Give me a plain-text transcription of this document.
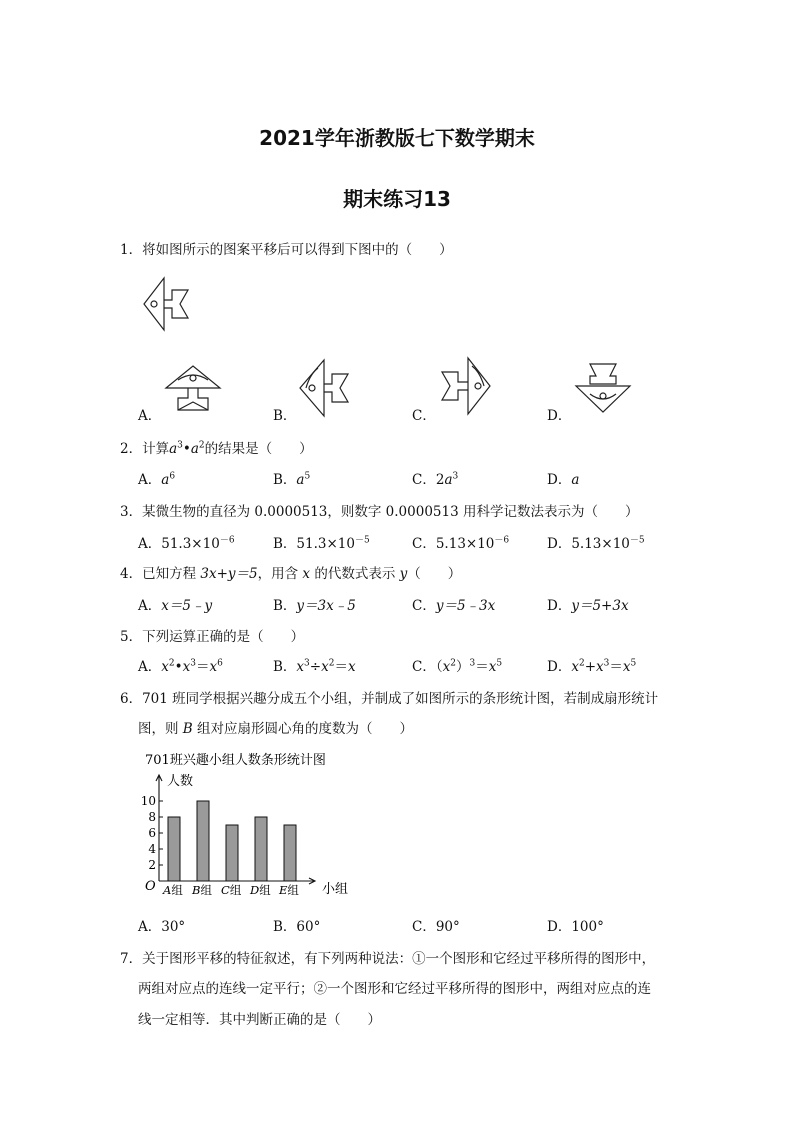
2021学年浙教版七下数学期末
期末练习13
1．将如图所示的图案平移后可以得到下图中的（　　）
A．	B．	C．	D．
2．计算$a^3•a^2$的结果是（　　）
A．$a^6$	B．$a^5$	C．$2a^3$	D．a
3．某微生物的直径为 0.0000513，则数字 0.0000513 用科学记数法表示为（　　）
A．$51.3\times 10^{-6}$	B．$51.3\times 10^{-5}$	C．$5.13\times 10^{-6}$	D．$5.13\times 10^{-5}$
4．已知方程 3x+y＝5，用含 x 的代数式表示 y（　　）
A．x＝5﹣y	B．y＝3x﹣5	C．y＝5﹣3x	D．y＝5+3x
5．下列运算正确的是（　　）
A．$x^2•x^3=x^6$	B．$x^3\div x^2=x$	C．$(x^2)^3=x^5$	D．$x^2+x^3=x^5$
6．701 班同学根据兴趣分成五个小组，并制成了如图所示的条形统计图，若制成扇形统计
图，则 B 组对应扇形圆心角的度数为（　　）
701班兴趣小组人数条形统计图
人数
小组
O
2
4
6
8
10
A组 B组 C组 D组 E组
A．30°	B．60°	C．90°	D．100°
7．关于图形平移的特征叙述，有下列两种说法：①一个图形和它经过平移所得的图形中，
两组对应点的连线一定平行；②一个图形和它经过平移所得的图形中，两组对应点的连
线一定相等．其中判断正确的是（　　）
